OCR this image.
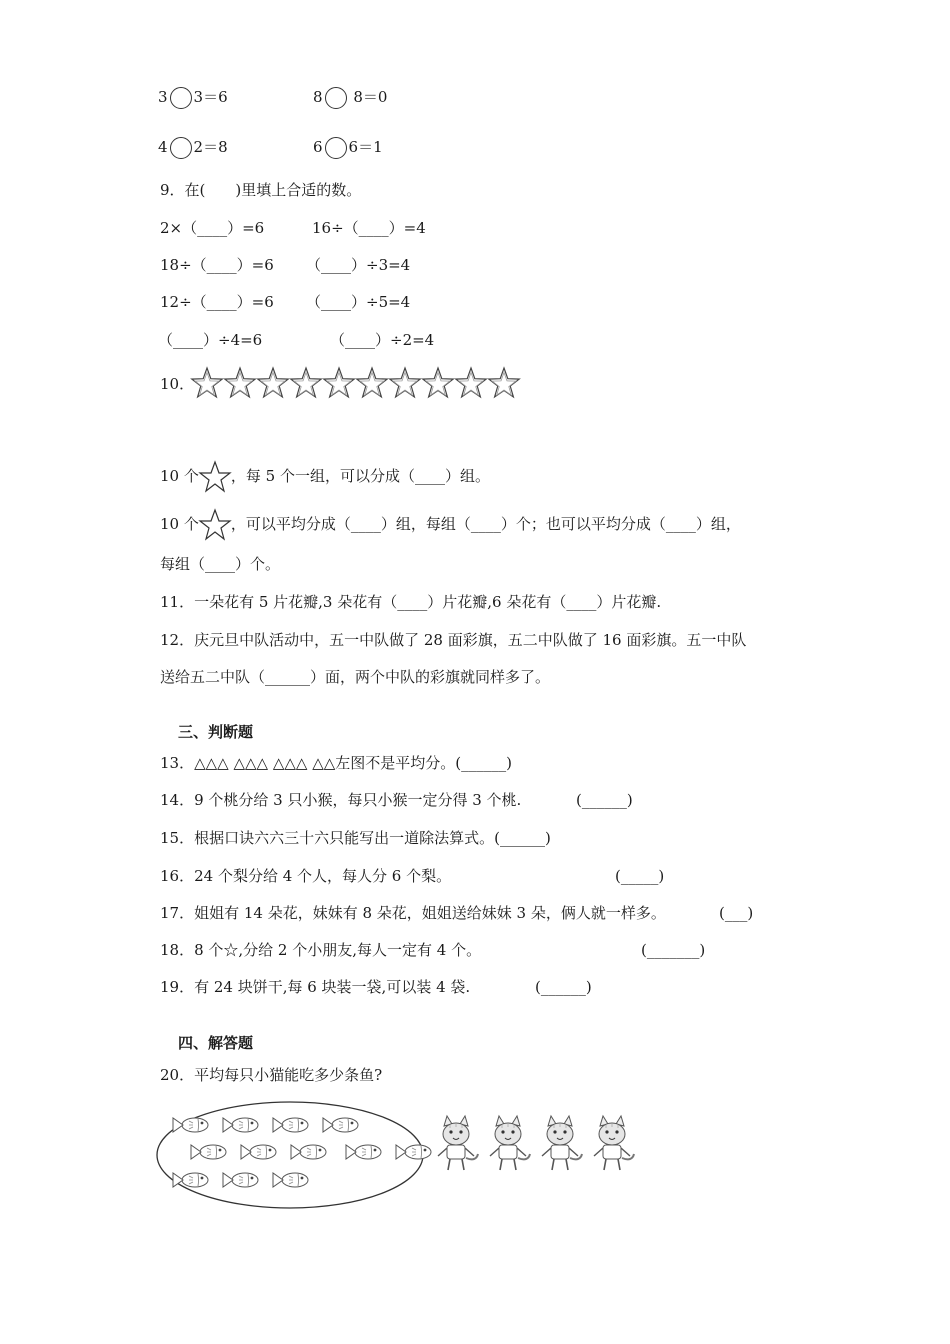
3 3＝6	8 8＝0
4 2＝8	6 6＝1
9．在(　　)里填上合适的数。
2×（____）=6	16÷（____）=4
18÷（____）=6 （____）÷3=4
12÷（____）=6 （____）÷5=4
（____）÷4=6	（____）÷2=4
10．
10 个 ，每 5 个一组，可以分成（____）组。
10 个 ，可以平均分成（____）组，每组（____）个；也可以平均分成（____）组，
每组（____）个。
11．一朵花有 5 片花瓣,3 朵花有（____）片花瓣,6 朵花有（____）片花瓣.
12．庆元旦中队活动中，五一中队做了 28 面彩旗，五二中队做了 16 面彩旗。五一中队
送给五二中队（______）面，两个中队的彩旗就同样多了。
三、判断题
13．△△△ △△△ △△△ △△左图不是平均分。(______)
14．9 个桃分给 3 只小猴，每只小猴一定分得 3 个桃.	(______)
15．根据口诀六六三十六只能写出一道除法算式。(______)
16．24 个梨分给 4 个人，每人分 6 个梨。	(_____)
17．姐姐有 14 朵花，妹妹有 8 朵花，姐姐送给妹妹 3 朵，俩人就一样多。	(___)
18．8 个☆,分给 2 个小朋友,每人一定有 4 个。	(_______)
19．有 24 块饼干,每 6 块装一袋,可以装 4 袋.	(______)
四、解答题
20．平均每只小猫能吃多少条鱼?
